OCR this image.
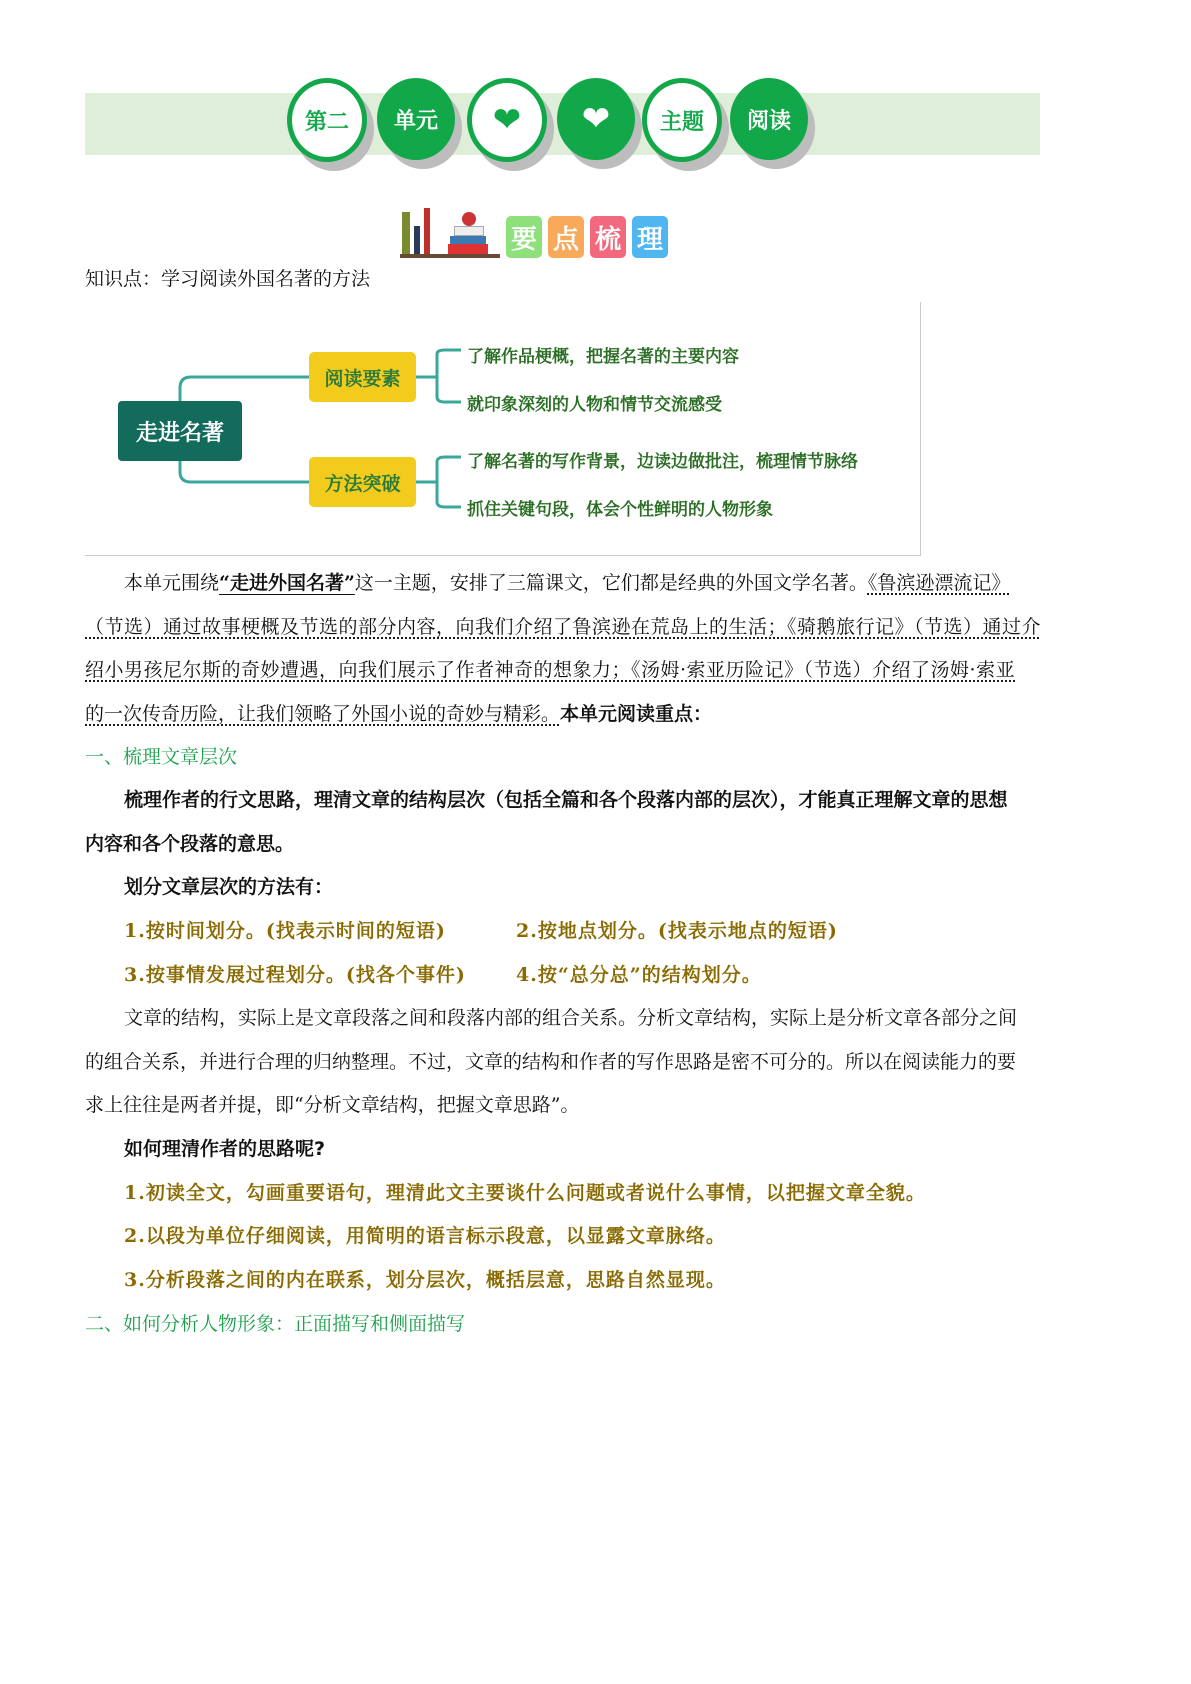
第二 单元 ❤ ❤ 主题 阅读
要 点 梳 理
知识点：学习阅读外国名著的方法
走进名著
阅读要素
方法突破
了解作品梗概，把握名著的主要内容
就印象深刻的人物和情节交流感受
了解名著的写作背景，边读边做批注，梳理情节脉络
抓住关键句段，体会个性鲜明的人物形象
本单元围绕“走进外国名著”这一主题，安排了三篇课文，它们都是经典的外国文学名著。《鲁滨逊漂流记》
（节选）通过故事梗概及节选的部分内容，向我们介绍了鲁滨逊在荒岛上的生活；《骑鹅旅行记》（节选）通过介
绍小男孩尼尔斯的奇妙遭遇，向我们展示了作者神奇的想象力；《汤姆·索亚历险记》（节选）介绍了汤姆·索亚
的一次传奇历险，让我们领略了外国小说的奇妙与精彩。本单元阅读重点：
一、梳理文章层次
梳理作者的行文思路，理清文章的结构层次（包括全篇和各个段落内部的层次），才能真正理解文章的思想
内容和各个段落的意思。
划分文章层次的方法有：
1.按时间划分。(找表示时间的短语)	2.按地点划分。(找表示地点的短语)
3.按事情发展过程划分。(找各个事件)	4.按“总分总”的结构划分。
文章的结构，实际上是文章段落之间和段落内部的组合关系。分析文章结构，实际上是分析文章各部分之间
的组合关系，并进行合理的归纳整理。不过，文章的结构和作者的写作思路是密不可分的。所以在阅读能力的要
求上往往是两者并提，即“分析文章结构，把握文章思路”。
如何理清作者的思路呢?
1.初读全文，勾画重要语句，理清此文主要谈什么问题或者说什么事情，以把握文章全貌。
2.以段为单位仔细阅读，用简明的语言标示段意，以显露文章脉络。
3.分析段落之间的内在联系，划分层次，概括层意，思路自然显现。
二、如何分析人物形象：正面描写和侧面描写
